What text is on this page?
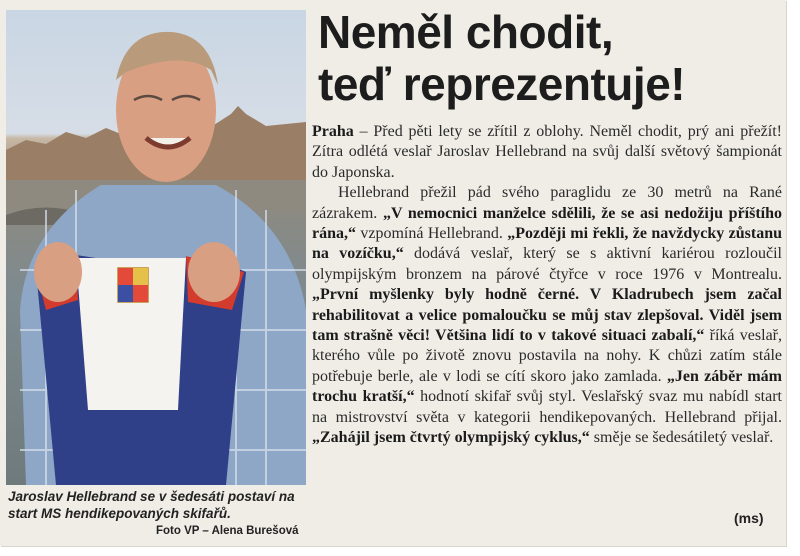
Jaroslav Hellebrand se v šedesáti postaví na start MS hendikepovaných skifařů.
Foto VP – Alena Burešová
Neměl chodit,
teď reprezentuje!

Praha – Před pěti lety se zřítil z oblohy. Neměl chodit, prý ani přežít! Zítra odlétá veslař Jaroslav Hellebrand na svůj další světový šampionát do Japonska.

Hellebrand přežil pád svého paraglidu ze 30 metrů na Rané zázrakem. „V nemocnici manželce sdělili, že se asi nedožiju příštího rána,“ vzpomíná Hellebrand. „Později mi řekli, že navždycky zůstanu na vozíčku,“ dodává veslař, který se s aktivní kariérou rozloučil olympijským bronzem na párové čtyřce v roce 1976 v Montrealu. „První myšlenky byly hodně černé. V Kladrubech jsem začal rehabilitovat a velice pomaloučku se můj stav zlepšoval. Viděl jsem tam strašně věci! Většina lidí to v takové situaci zabalí,“ říká veslař, kterého vůle po životě znovu postavila na nohy. K chůzi zatím stále potřebuje berle, ale v lodi se cítí skoro jako zamlada. „Jen záběr mám trochu kratší,“ hodnotí skifař svůj styl. Veslařský svaz mu nabídl start na mistrovství světa v kategorii hendikepovaných. Hellebrand přijal. „Zahájil jsem čtvrtý olympijský cyklus,“ směje se šedesátiletý veslař.

(ms)
